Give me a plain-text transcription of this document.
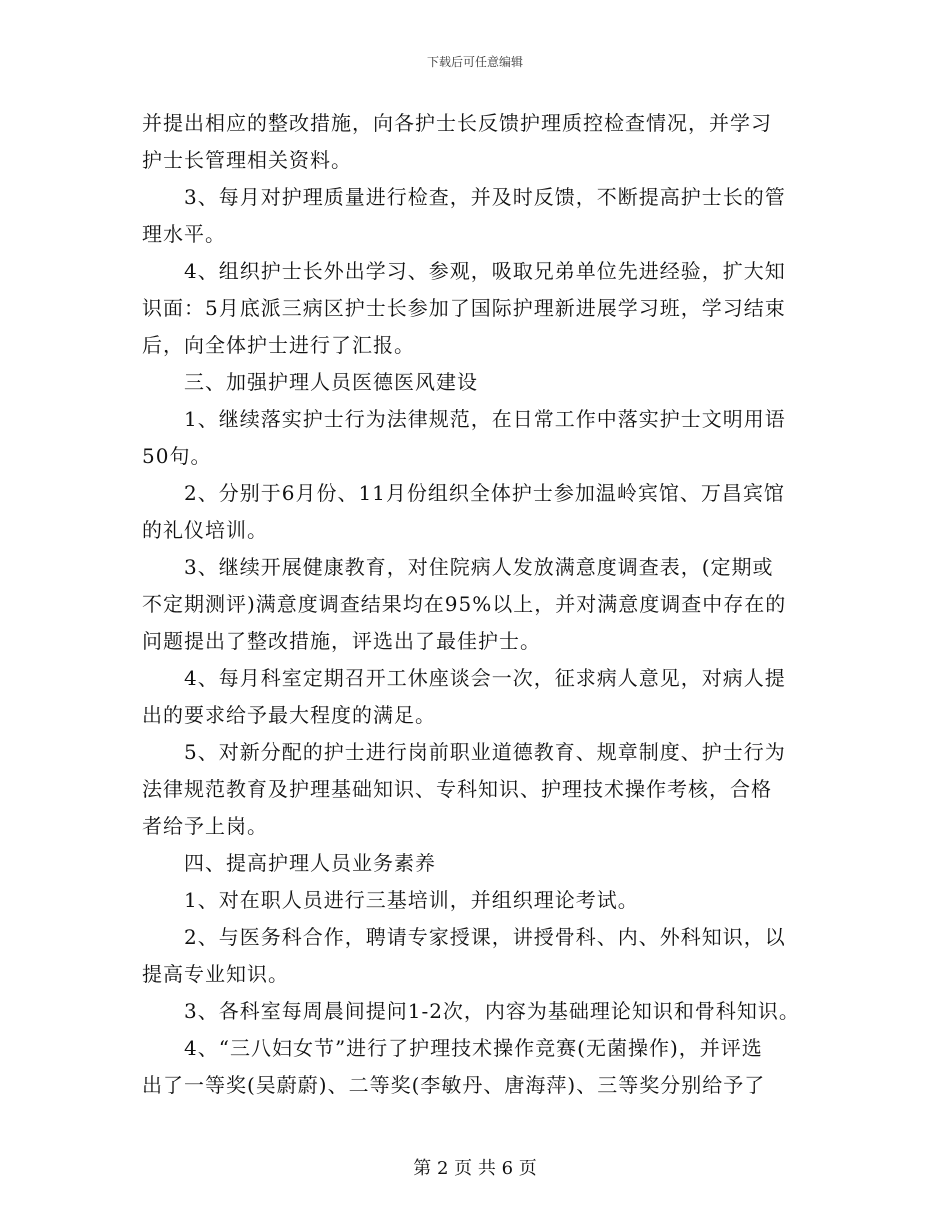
下载后可任意编辑
并提出相应的整改措施，向各护士长反馈护理质控检查情况，并学习
护士长管理相关资料。
3、每月对护理质量进行检查，并及时反馈，不断提高护士长的管
理水平。
4、组织护士长外出学习、参观，吸取兄弟单位先进经验，扩大知
识面：5月底派三病区护士长参加了国际护理新进展学习班，学习结束
后，向全体护士进行了汇报。
三、加强护理人员医德医风建设
1、继续落实护士行为法律规范，在日常工作中落实护士文明用语
50句。
2、分别于6月份、11月份组织全体护士参加温岭宾馆、万昌宾馆
的礼仪培训。
3、继续开展健康教育，对住院病人发放满意度调查表，(定期或
不定期测评)满意度调查结果均在95%以上，并对满意度调查中存在的
问题提出了整改措施，评选出了最佳护士。
4、每月科室定期召开工休座谈会一次，征求病人意见，对病人提
出的要求给予最大程度的满足。
5、对新分配的护士进行岗前职业道德教育、规章制度、护士行为
法律规范教育及护理基础知识、专科知识、护理技术操作考核，合格
者给予上岗。
四、提高护理人员业务素养
1、对在职人员进行三基培训，并组织理论考试。
2、与医务科合作，聘请专家授课，讲授骨科、内、外科知识，以
提高专业知识。
3、各科室每周晨间提问1-2次，内容为基础理论知识和骨科知识。
4、“三八妇女节”进行了护理技术操作竞赛(无菌操作)，并评选
出了一等奖(吴蔚蔚)、二等奖(李敏丹、唐海萍)、三等奖分别给予了
第 2 页 共 6 页
